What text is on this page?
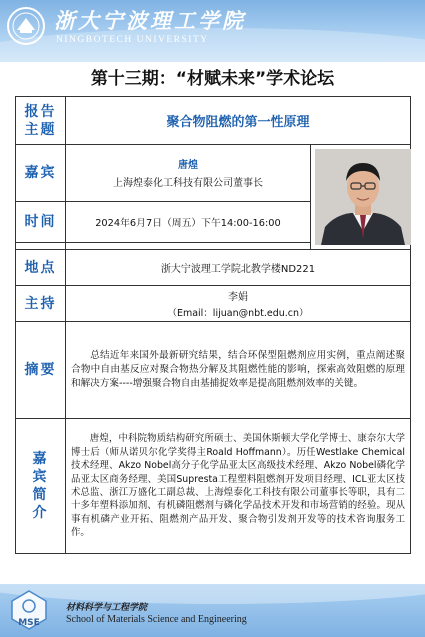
浙大宁波理工学院
NINGBOTECH UNIVERSITY
第十三期：“材赋未来”学术论坛
报告主题	聚合物阻燃的第一性原理	
嘉宾	唐煌
上海煌泰化工科技有限公司董事长

时间	2024年6月7日（周五）下午14:00-16:00	

地点	浙大宁波理工学院北教学楼ND221	
主持	李娟
（Email：lijuan@nbt.edu.cn）	

摘要	总结近年来国外最新研究结果，结合环保型阻燃剂应用实例，重点阐述聚合物中自由基反应对聚合物热分解及其阻燃性能的影响，探索高效阻燃的原理和解决方案----增强聚合物自由基捕捉效率是提高阻燃剂效率的关键。	
嘉宾简介	唐煌，中科院物质结构研究所硕士、美国休斯顿大学化学博士、康奈尔大学博士后（师从诺贝尔化学奖得主Roald Hoffmann）。历任Westlake Chemical技术经理、Akzo Nobel高分子化学品亚太区高级技术经理、Akzo Nobel磷化学品亚太区商务经理、美国Supresta工程塑料阻燃剂开发项目经理、ICL亚太区技术总监、浙江万盛化工副总裁、上海煌泰化工科技有限公司董事长等职，具有二十多年塑料添加剂、有机磷阻燃剂与磷化学品技术开发和市场营销的经验。现从事有机磷产业开拓、阻燃剂产品开发、聚合物引发剂开发等的技术咨询服务工作。	
MSE
材料科学与工程学院
School of Materials Science and Engineering
